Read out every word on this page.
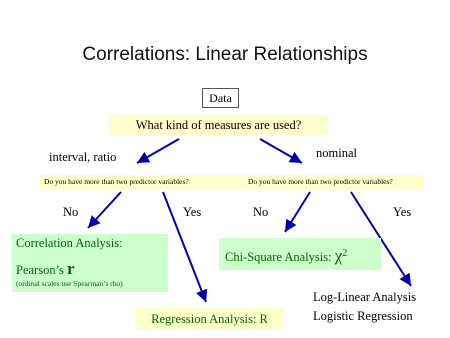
Correlations: Linear Relationships
Data
What kind of measures are used?
interval, ratio	nominal
Do you have more than two predictor variables?	Do you have more than two predictor variables?
No	Yes	No	Yes
Correlation Analysis:
Pearson’s r
(ordinal scales use Spearman’s rho)
Chi-Square Analysis: $\chi^2$
Regression Analysis: R
Log-Linear Analysis
Logistic Regression
